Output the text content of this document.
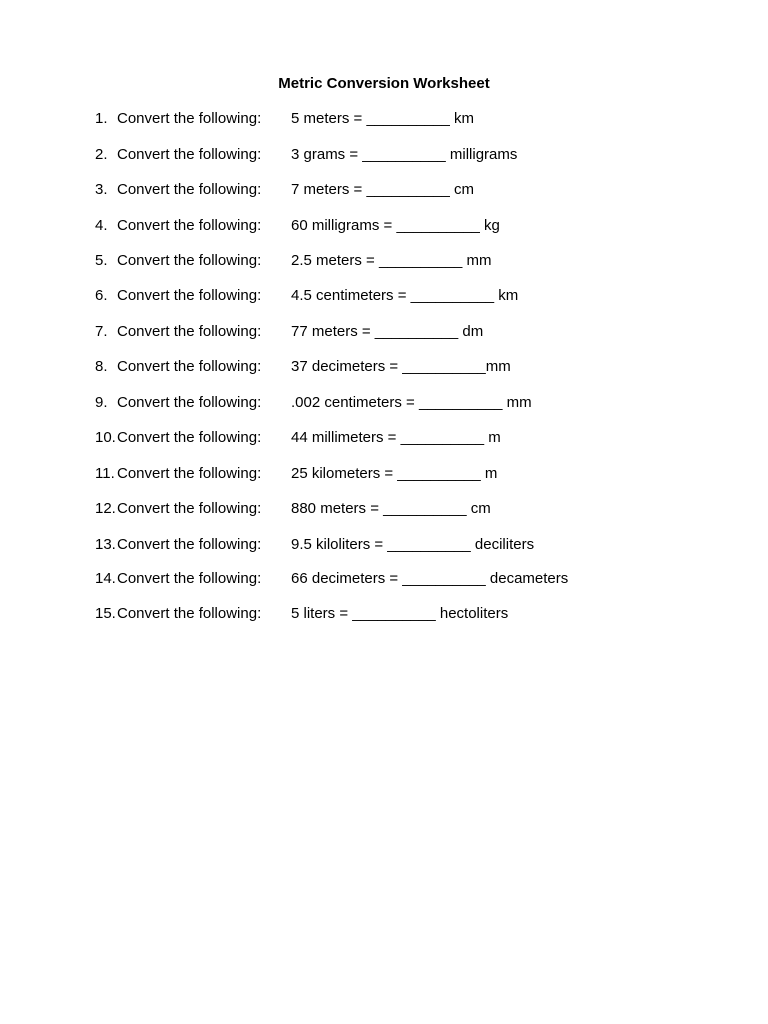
Metric Conversion Worksheet
1. Convert the following: 5 meters = __________ km
2. Convert the following: 3 grams = __________ milligrams
3. Convert the following: 7 meters = __________ cm
4. Convert the following: 60 milligrams = __________ kg
5. Convert the following: 2.5 meters = __________ mm
6. Convert the following: 4.5 centimeters = __________ km
7. Convert the following: 77 meters = __________ dm
8. Convert the following: 37 decimeters = __________mm
9. Convert the following: .002 centimeters = __________ mm
10. Convert the following: 44 millimeters = __________ m
11. Convert the following: 25 kilometers = __________ m
12. Convert the following: 880 meters = __________ cm
13. Convert the following: 9.5 kiloliters = __________ deciliters
14. Convert the following: 66 decimeters = __________ decameters
15. Convert the following: 5 liters = __________ hectoliters
